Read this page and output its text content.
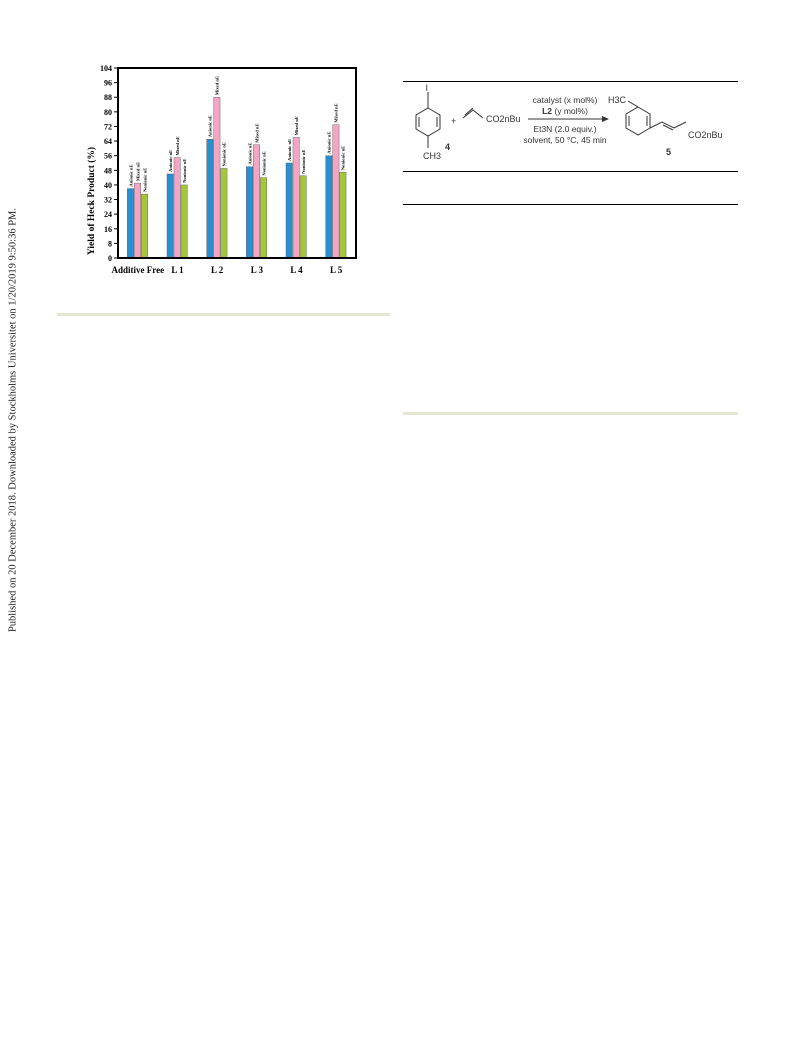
Published on 20 December 2018. Downloaded by Stockholms Universitet on 1/20/2019 9:50:36 PM.
Yield of Heck Product (%)
0
8
16
24
32
40
48
56
64
72
80
88
96
104
Anionic nE Mixed nE Nonionic nE
Anionic nE
Mixed nE
Nonionic nE
Anionic nE
Mixed nE
Nonionic nE	Anionic nE
Mixed nE
Nonionic nE
Anionic nE
Mixed nE
Nonionic nE
Anionic nE
Mixed nE
Nonionic nE
Additive Free L 1	L 2	L 3	L 4	L 5
I
4
CH3
+	CO2nBu
catalyst (x mol%)
L2 (y mol%)
Et3N (2.0 equiv.)
solvent, 50 °C, 45 min
H3C
CO2nBu
5
